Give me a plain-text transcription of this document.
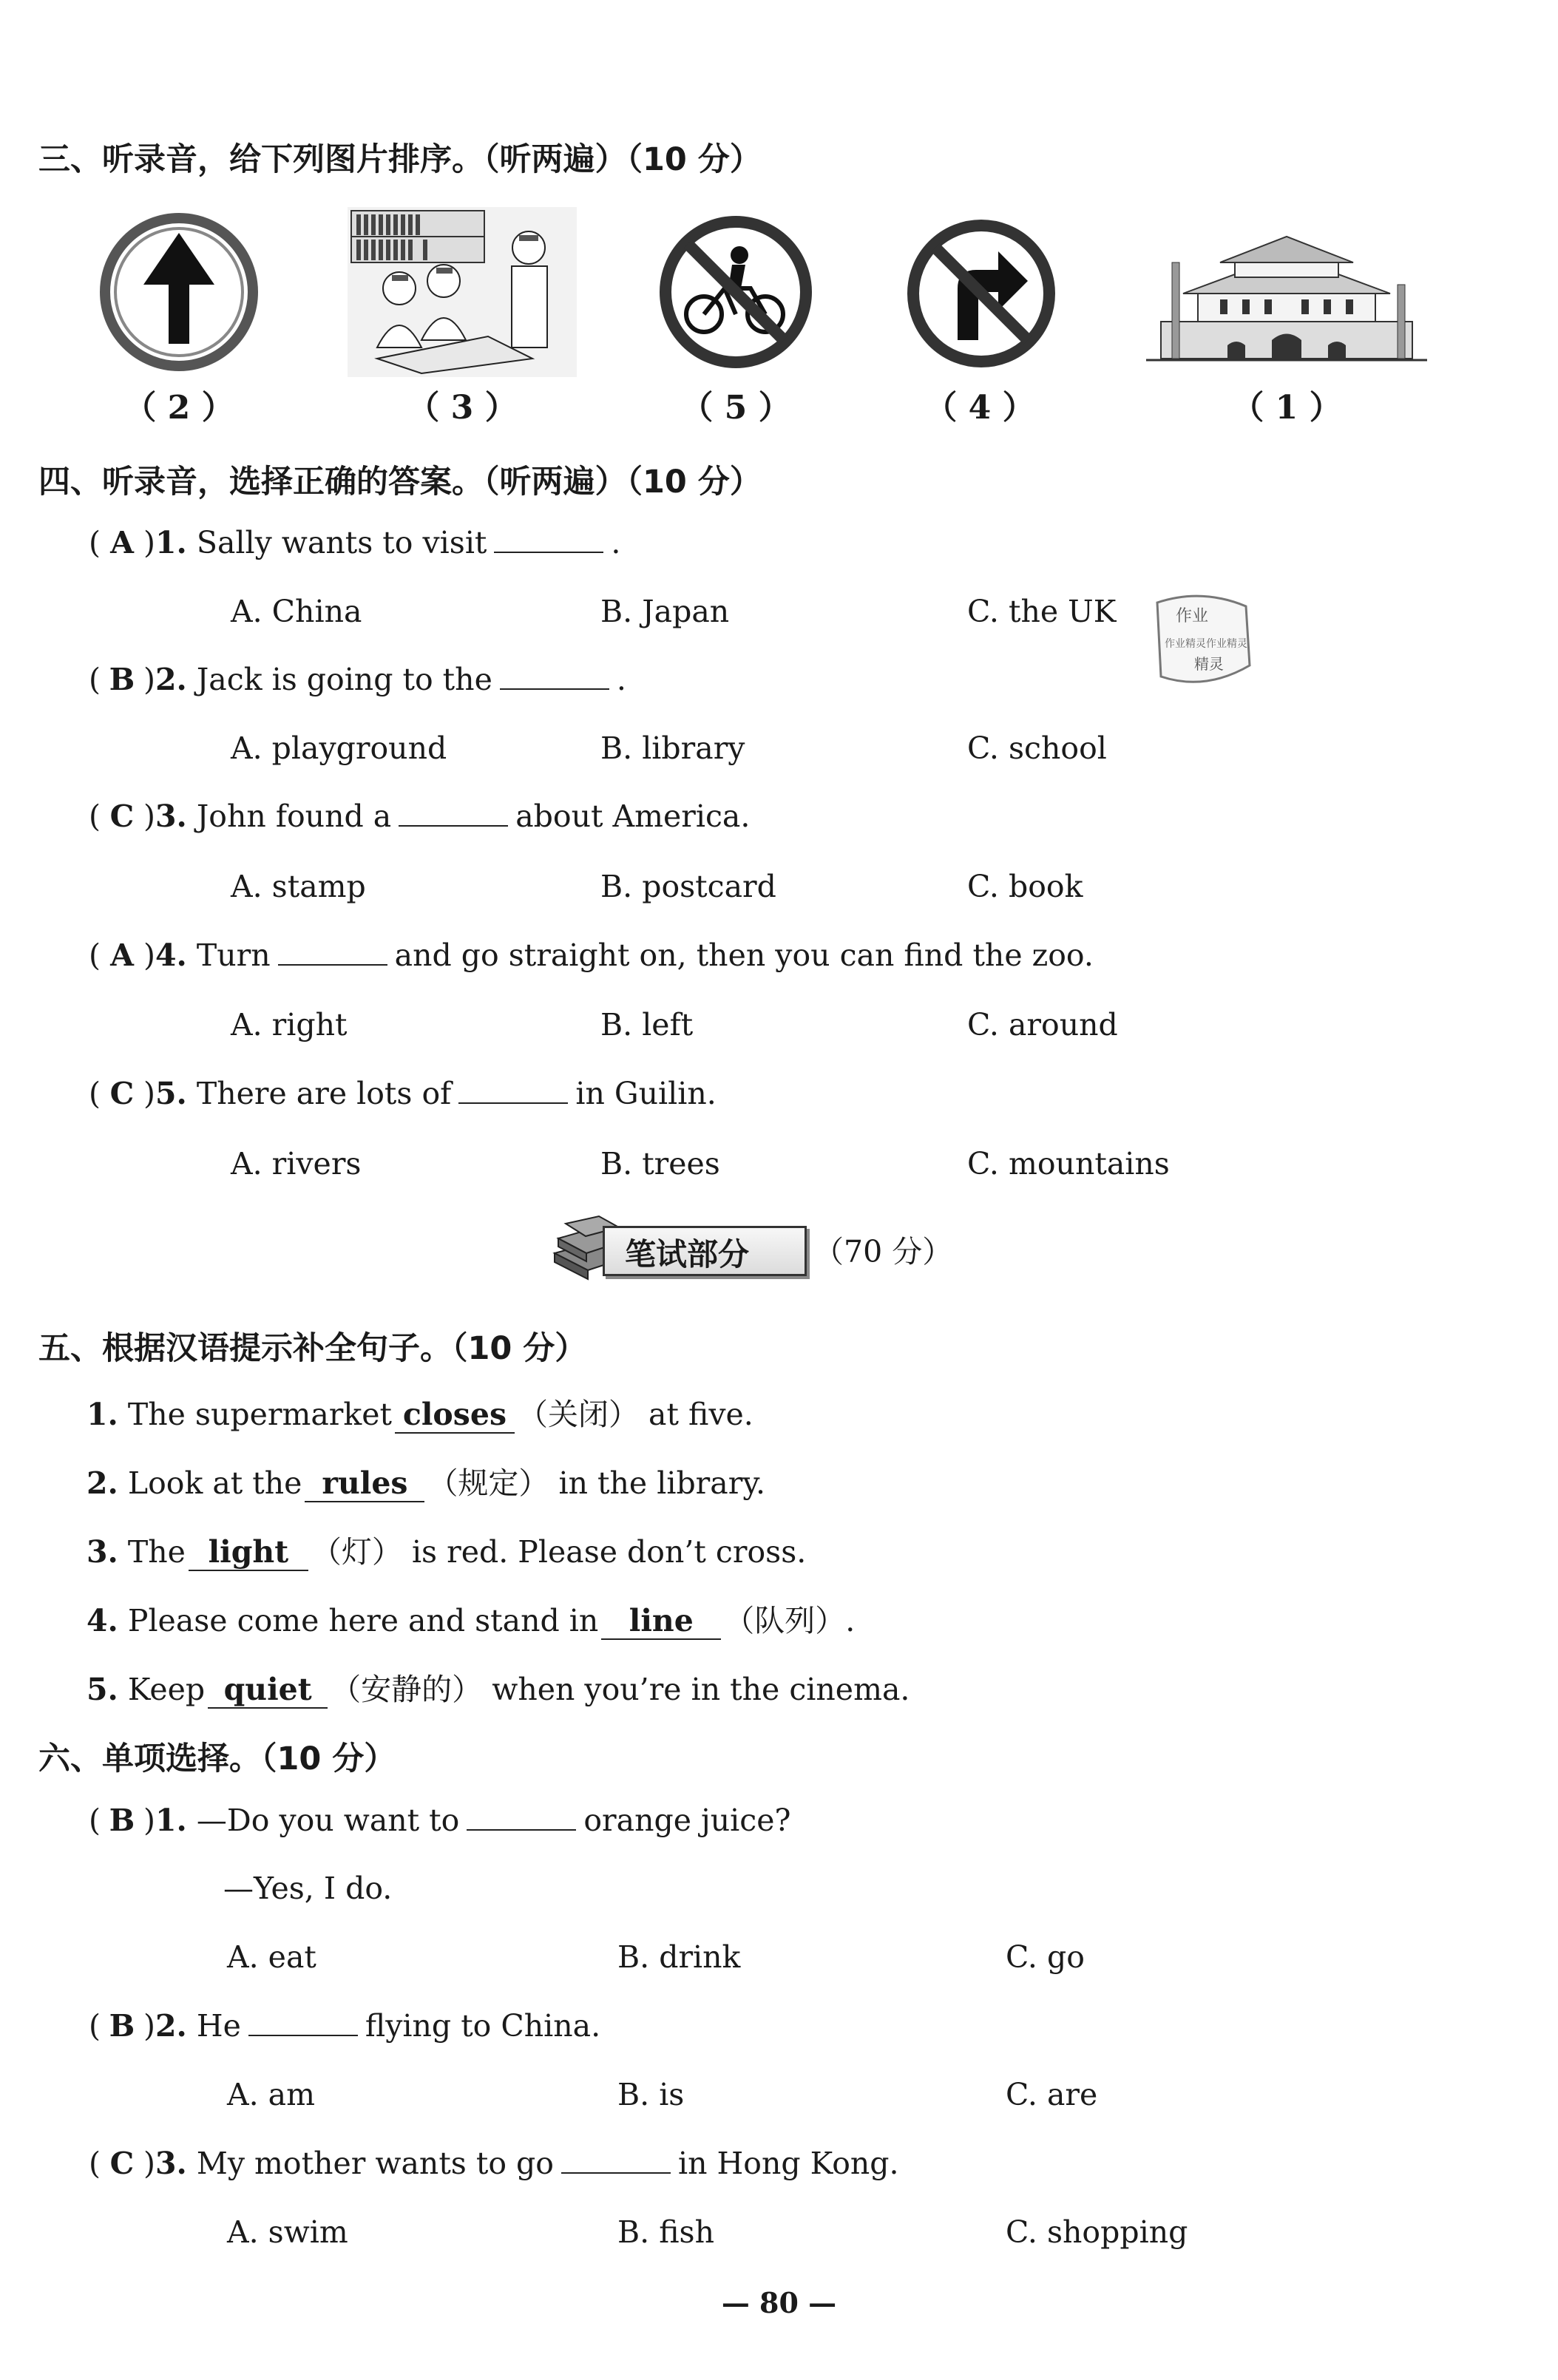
三、听录音，给下列图片排序。（听两遍）（10 分）
（ 2 ）	（ 3 ）	（ 5 ）	（ 4 ）	（ 1 ）
四、听录音，选择正确的答案。（听两遍）（10 分）
( A )1. Sally wants to visit	.
A. China	B. Japan	C. the UK	作业
作业精灵作业精灵
精灵
( B )2. Jack is going to the	.
A. playground	B. library	C. school
( C )3. John found a	about America.
A. stamp	B. postcard	C. book
( A )4. Turn	and go straight on, then you can find the zoo.
A. right	B. left	C. around
( C )5. There are lots of	in Guilin.
A. rivers	B. trees	C. mountains
笔试部分 （70 分）
五、根据汉语提示补全句子。（10 分）
1. The supermarket closes （关闭） at five.
2. Look at the rules （规定） in the library.
3. The light （灯） is red. Please don’t cross.
4. Please come here and stand in line （队列）.
5. Keep quiet （安静的） when you’re in the cinema.
六、单项选择。（10 分）
( B )1. —Do you want to	orange juice?
—Yes, I do.
A. eat	B. drink	C. go
( B )2. He	flying to China.
A. am	B. is	C. are
( C )3. My mother wants to go	in Hong Kong.
A. swim	B. fish	C. shopping
— 80 —
